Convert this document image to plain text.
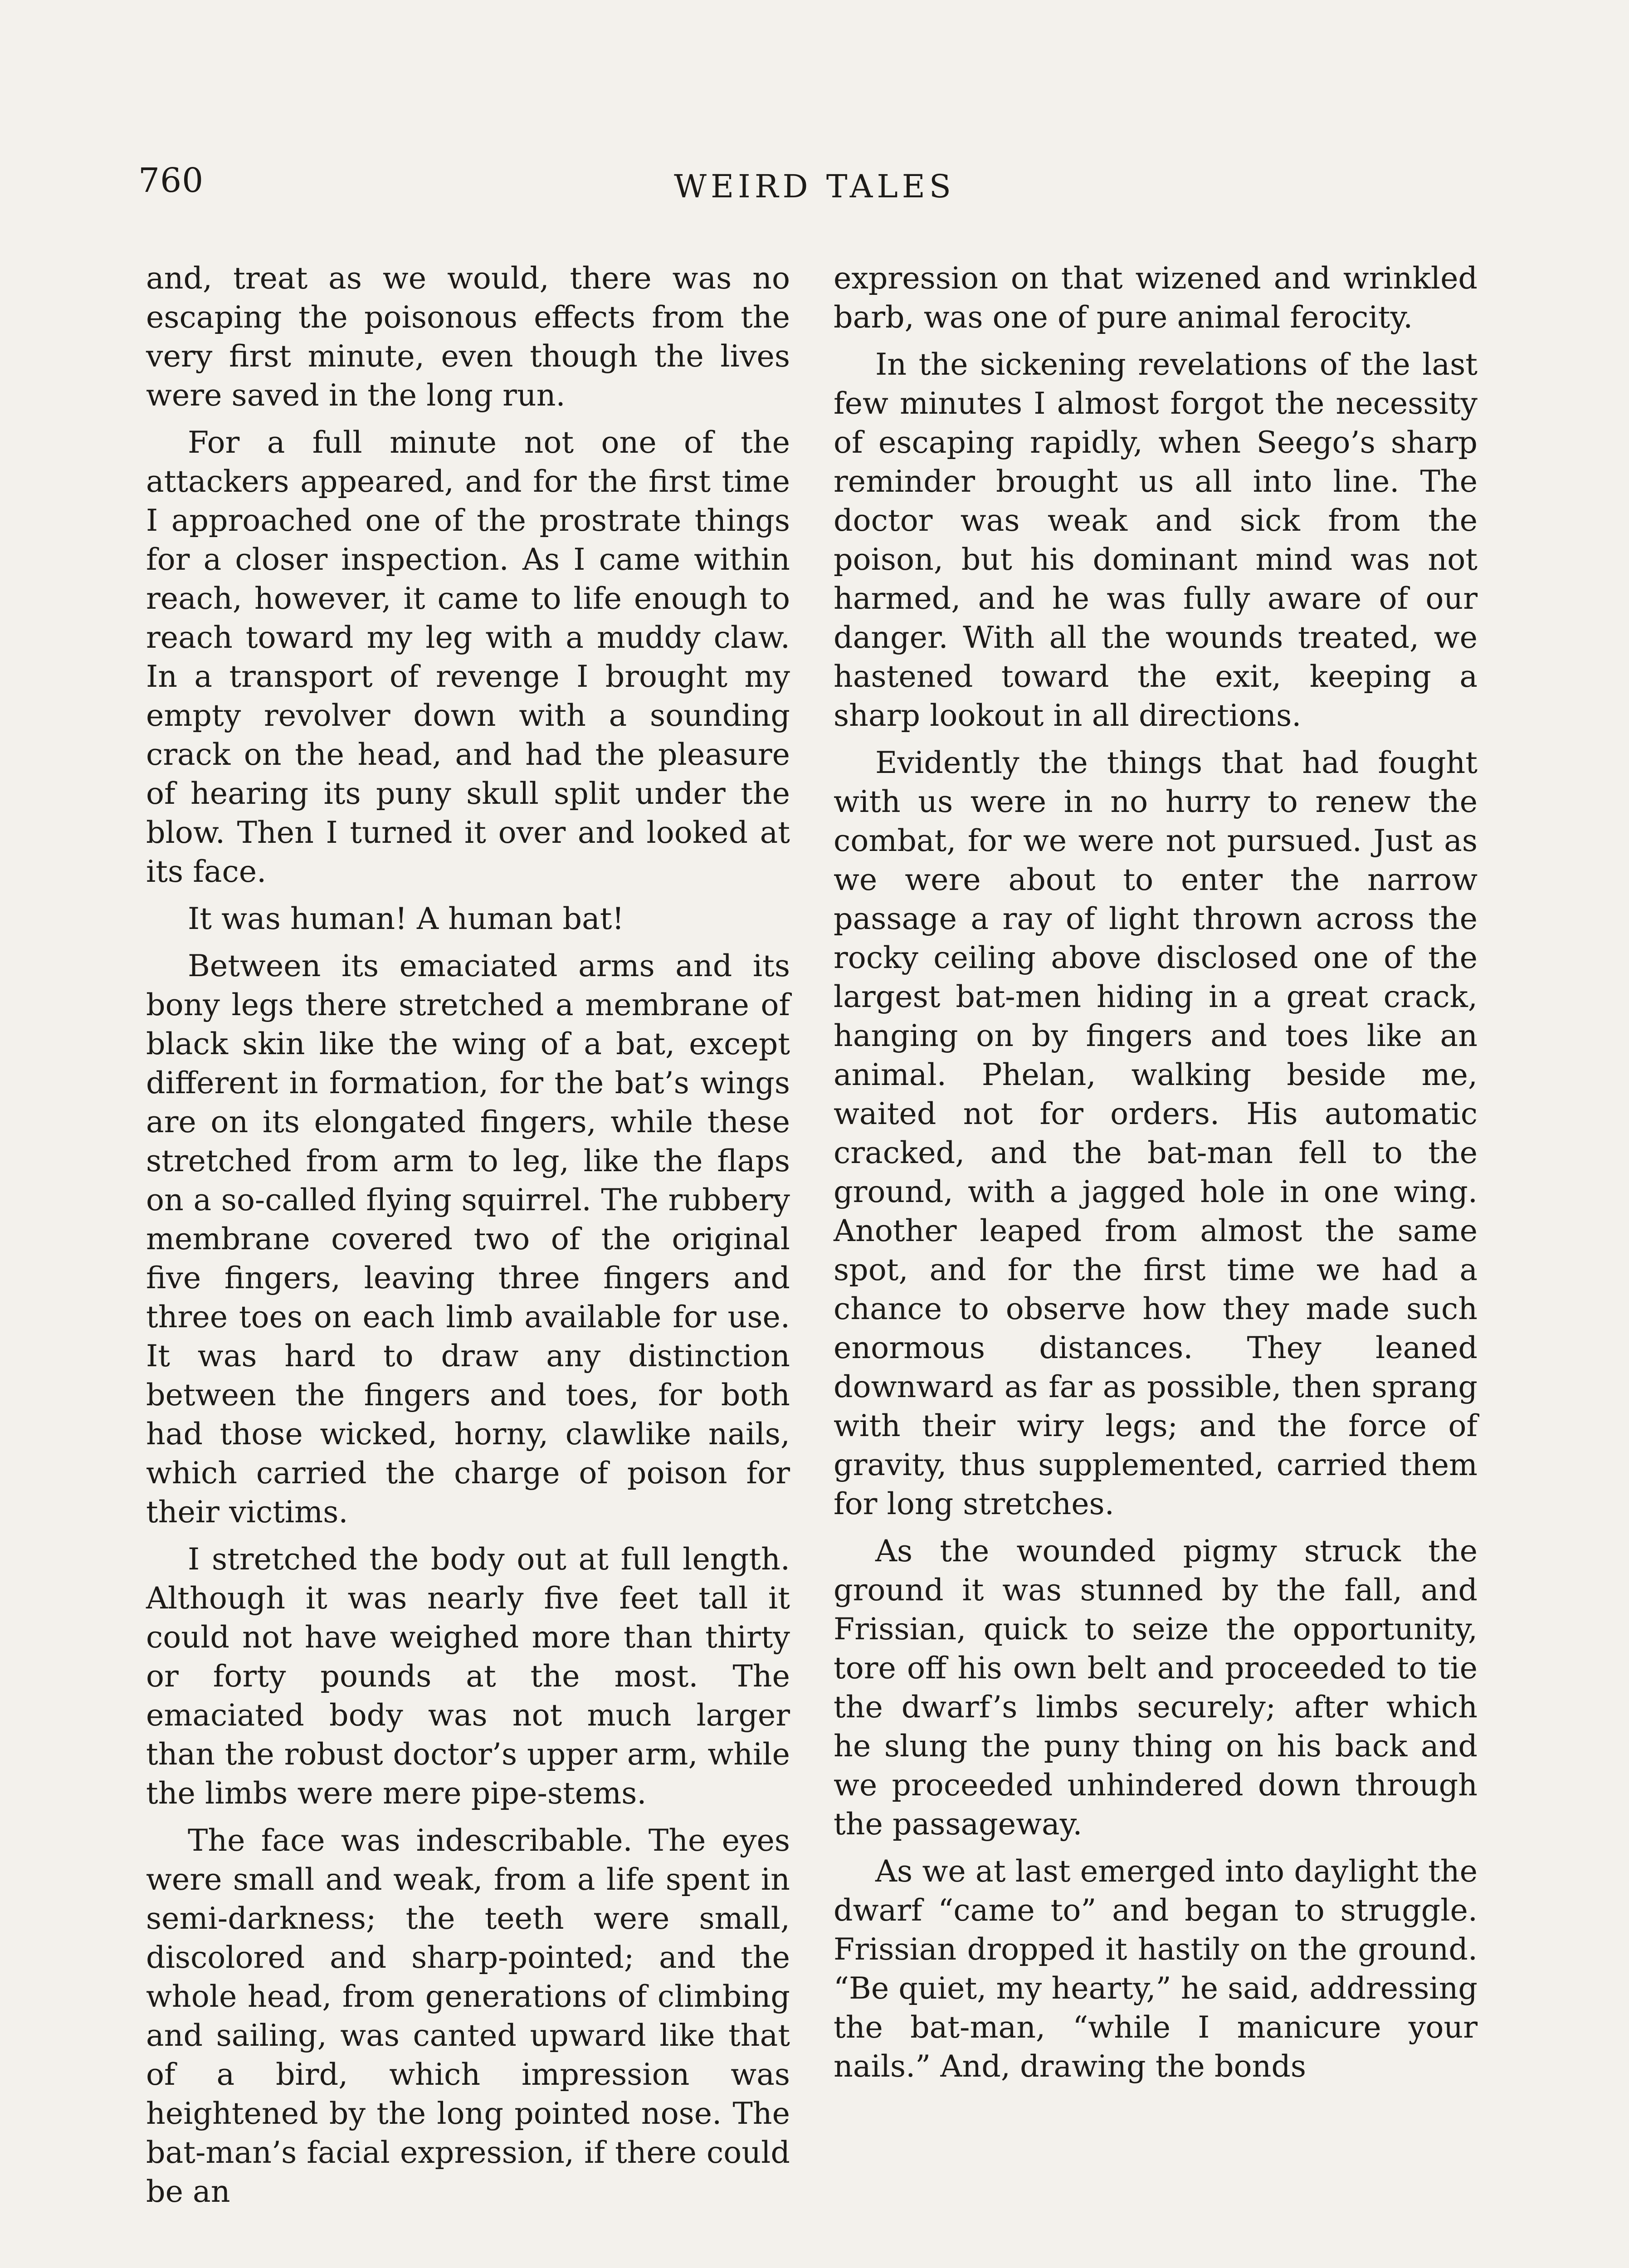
760	WEIRD TALES

and, treat as we would, there was no escaping the poisonous effects from the very first minute, even though the lives were saved in the long run.

For a full minute not one of the attackers appeared, and for the first time I approached one of the prostrate things for a closer inspection. As I came within reach, however, it came to life enough to reach toward my leg with a muddy claw. In a transport of revenge I brought my empty revolver down with a sounding crack on the head, and had the pleasure of hearing its puny skull split under the blow. Then I turned it over and looked at its face.

It was human! A human bat!

Between its emaciated arms and its bony legs there stretched a membrane of black skin like the wing of a bat, except different in formation, for the bat’s wings are on its elongated fingers, while these stretched from arm to leg, like the flaps on a so-called flying squirrel. The rubbery membrane covered two of the original five fingers, leaving three fingers and three toes on each limb available for use. It was hard to draw any distinction between the fingers and toes, for both had those wicked, horny, clawlike nails, which carried the charge of poison for their victims.

I stretched the body out at full length. Although it was nearly five feet tall it could not have weighed more than thirty or forty pounds at the most. The emaciated body was not much larger than the robust doctor’s upper arm, while the limbs were mere pipe-stems.

The face was indescribable. The eyes were small and weak, from a life spent in semi-darkness; the teeth were small, discolored and sharp-pointed; and the whole head, from generations of climbing and sailing, was canted upward like that of a bird, which impression was heightened by the long pointed nose. The bat-man’s facial expression, if there could be an

expression on that wizened and wrinkled barb, was one of pure animal ferocity.

In the sickening revelations of the last few minutes I almost forgot the necessity of escaping rapidly, when Seego’s sharp reminder brought us all into line. The doctor was weak and sick from the poison, but his dominant mind was not harmed, and he was fully aware of our danger. With all the wounds treated, we hastened toward the exit, keeping a sharp lookout in all directions.

Evidently the things that had fought with us were in no hurry to renew the combat, for we were not pursued. Just as we were about to enter the narrow passage a ray of light thrown across the rocky ceiling above disclosed one of the largest bat-men hiding in a great crack, hanging on by fingers and toes like an animal. Phelan, walking beside me, waited not for orders. His automatic cracked, and the bat-man fell to the ground, with a jagged hole in one wing. Another leaped from almost the same spot, and for the first time we had a chance to observe how they made such enormous distances. They leaned downward as far as possible, then sprang with their wiry legs; and the force of gravity, thus supplemented, carried them for long stretches.

As the wounded pigmy struck the ground it was stunned by the fall, and Frissian, quick to seize the opportunity, tore off his own belt and proceeded to tie the dwarf’s limbs securely; after which he slung the puny thing on his back and we proceeded unhindered down through the passageway.

As we at last emerged into daylight the dwarf “came to” and began to struggle. Frissian dropped it hastily on the ground. “Be quiet, my hearty,” he said, addressing the bat-man, “while I manicure your nails.” And, drawing the bonds
